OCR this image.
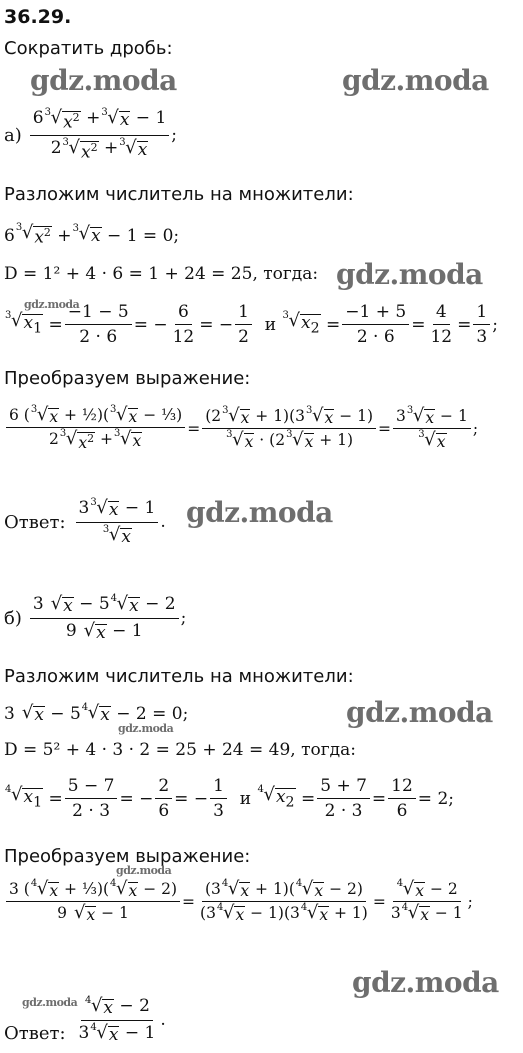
36.29.
Сократить дробь:
gdz.moda	gdz.moda
$а) \frac{6 3 √ x^2 + 3 √ x - 1}{2 3 √ x^2 + 3 √ x}$ ;
Разложим числитель на множители:
6 3 √ $x^2 + 3$ √ x − 1 = 0;
D = 1² + 4 · 6 = 1 + 24 = 25, тогда: gdz.moda
gdz.moda
3 √ $x_1 = \frac{-1 - 5}{2 \cdot 6}$ = − $\frac{6}{12}$ = − $\frac{1}{2}$
и
3 √ $x_2 = \frac{-1 + 5}{2 \cdot 6} = \frac{4}{12} = \frac{1}{3}$ ;
Преобразуем выражение:
$\frac{\text{6 ( 3 √ x + ½)( 3 √ x − ⅓)}}{2 3 √ x^2 + 3 √ x} = \frac{(2 3 √ x + 1)(3 3 √ x - 1)}{3 √ x \cdot (2 3 √ x + 1)} = \frac{3 3 √ x - 1}{3 √ x}$ ;
Ответ: $\frac{3 3 √ x - 1}{3 √ x}$ . gdz.moda
$б) \frac{3 √ x - 5 4 √ x - 2}{9 √ x - 1}$ ;
Разложим числитель на множители:
3 √ x − 5 4 √ x − 2 = 0;	gdz.moda
gdz.moda
D = 5² + 4 · 3 · 2 = 25 + 24 = 49, тогда:
4 √ $x_1 = \frac{5 - 7}{2 \cdot 3}$ = − $\frac{2}{6}$ = − $\frac{1}{3}$
и
4 √ $x_2 = \frac{5 + 7}{2 \cdot 3} = \frac{12}{6} = 2$;
Преобразуем выражение:
gdz.moda
$\frac{\text{3 ( 4 √ x + ⅓)( 4 √ x − 2)}}{9 √ x - 1} = \frac{(3 4 √ x + 1)( 4 √ x - 2)}{(3 4 √ x - 1)(3 4 √ x + 1)} = \frac{4 √ x - 2}{3 4 √ x - 1}$ ;
gdz.moda
gdz.moda
Ответ: $\frac{4 √ x - 2}{3 4 √ x - 1}$ .
